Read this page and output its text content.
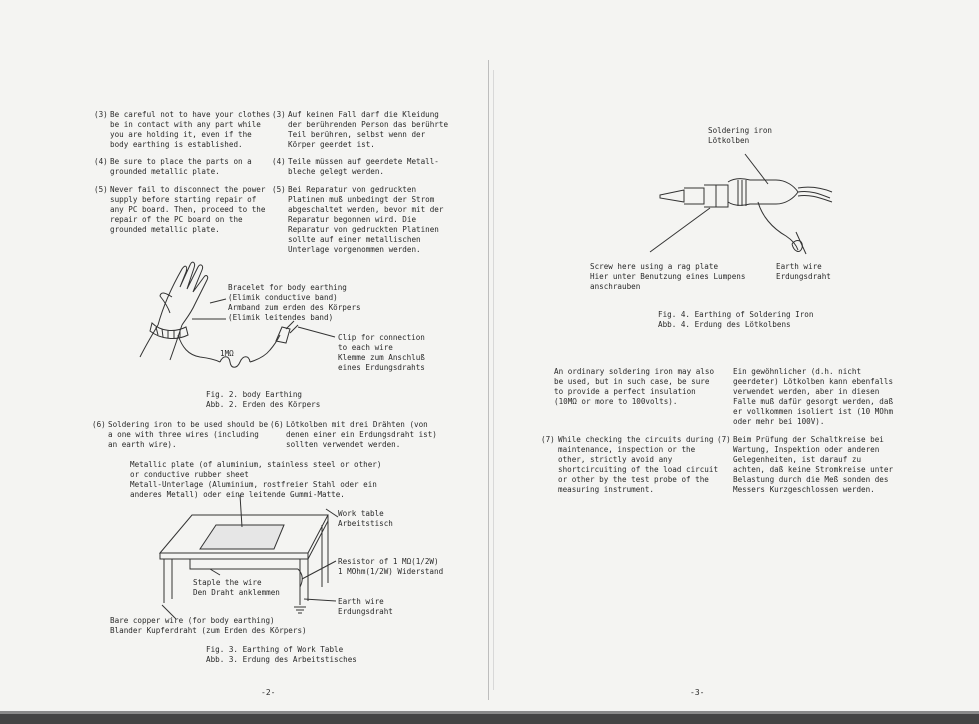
(3) Be careful not to have your clothes
be in contact with any part while
you are holding it, even if the
body earthing is established.
(3) Auf keinen Fall darf die Kleidung
der berührenden Person das berührte
Teil berühren, selbst wenn der
Körper geerdet ist.
(4) Be sure to place the parts on a
grounded metallic plate.
(4) Teile müssen auf geerdete Metall-
bleche gelegt werden.
(5) Never fail to disconnect the power
supply before starting repair of
any PC board. Then, proceed to the
repair of the PC board on the
grounded metallic plate.
(5) Bei Reparatur von gedruckten
Platinen muß unbedingt der Strom
abgeschaltet werden, bevor mit der
Reparatur begonnen wird. Die
Reparatur von gedruckten Platinen
sollte auf einer metallischen
Unterlage vorgenommen werden.
Bracelet for body earthing
(Elimik conductive band)
Armband zum erden des Körpers
(Elimik leitendes band)
Clip for connection
to each wire
Klemme zum Anschluß
eines Erdungsdrahts
1MΩ
Fig. 2. body Earthing
Abb. 2. Erden des Körpers
(6) Soldering iron to be used should be
a one with three wires (including
an earth wire).
(6) Lötkolben mit drei Drähten (von
denen einer ein Erdungsdraht ist)
sollten verwendet werden.
Metallic plate (of aluminium, stainless steel or other)
or conductive rubber sheet
Metall-Unterlage (Aluminium, rostfreier Stahl oder ein
anderes Metall) oder eine leitende Gummi-Matte.
Work table
Arbeitstisch
Resistor of 1 MΩ(1/2W)
1 MOhm(1/2W) Widerstand
Staple the wire
Den Draht anklemmen
Earth wire
Erdungsdraht
Bare copper wire (for body earthing)
Blander Kupferdraht (zum Erden des Körpers)
Fig. 3. Earthing of Work Table
Abb. 3. Erdung des Arbeitstisches
-2-
Soldering iron
Lötkolben
Screw here using a rag plate
Hier unter Benutzung eines Lumpens
anschrauben
Earth wire
Erdungsdraht
Fig. 4. Earthing of Soldering Iron
Abb. 4. Erdung des Lötkolbens
An ordinary soldering iron may also
be used, but in such case, be sure
to provide a perfect insulation
(10MΩ or more to 100volts).
Ein gewöhnlicher (d.h. nicht
geerdeter) Lötkolben kann ebenfalls
verwendet werden, aber in diesen
Falle muß dafür gesorgt werden, daß
er vollkommen isoliert ist (10 MOhm
oder mehr bei 100V).
(7) While checking the circuits during
maintenance, inspection or the
other, strictly avoid any
shortcircuiting of the load circuit
or other by the test probe of the
measuring instrument.
(7) Beim Prüfung der Schaltkreise bei
Wartung, Inspektion oder anderen
Gelegenheiten, ist darauf zu
achten, daß keine Stromkreise unter
Belastung durch die Meß sonden des
Messers Kurzgeschlossen werden.
-3-
